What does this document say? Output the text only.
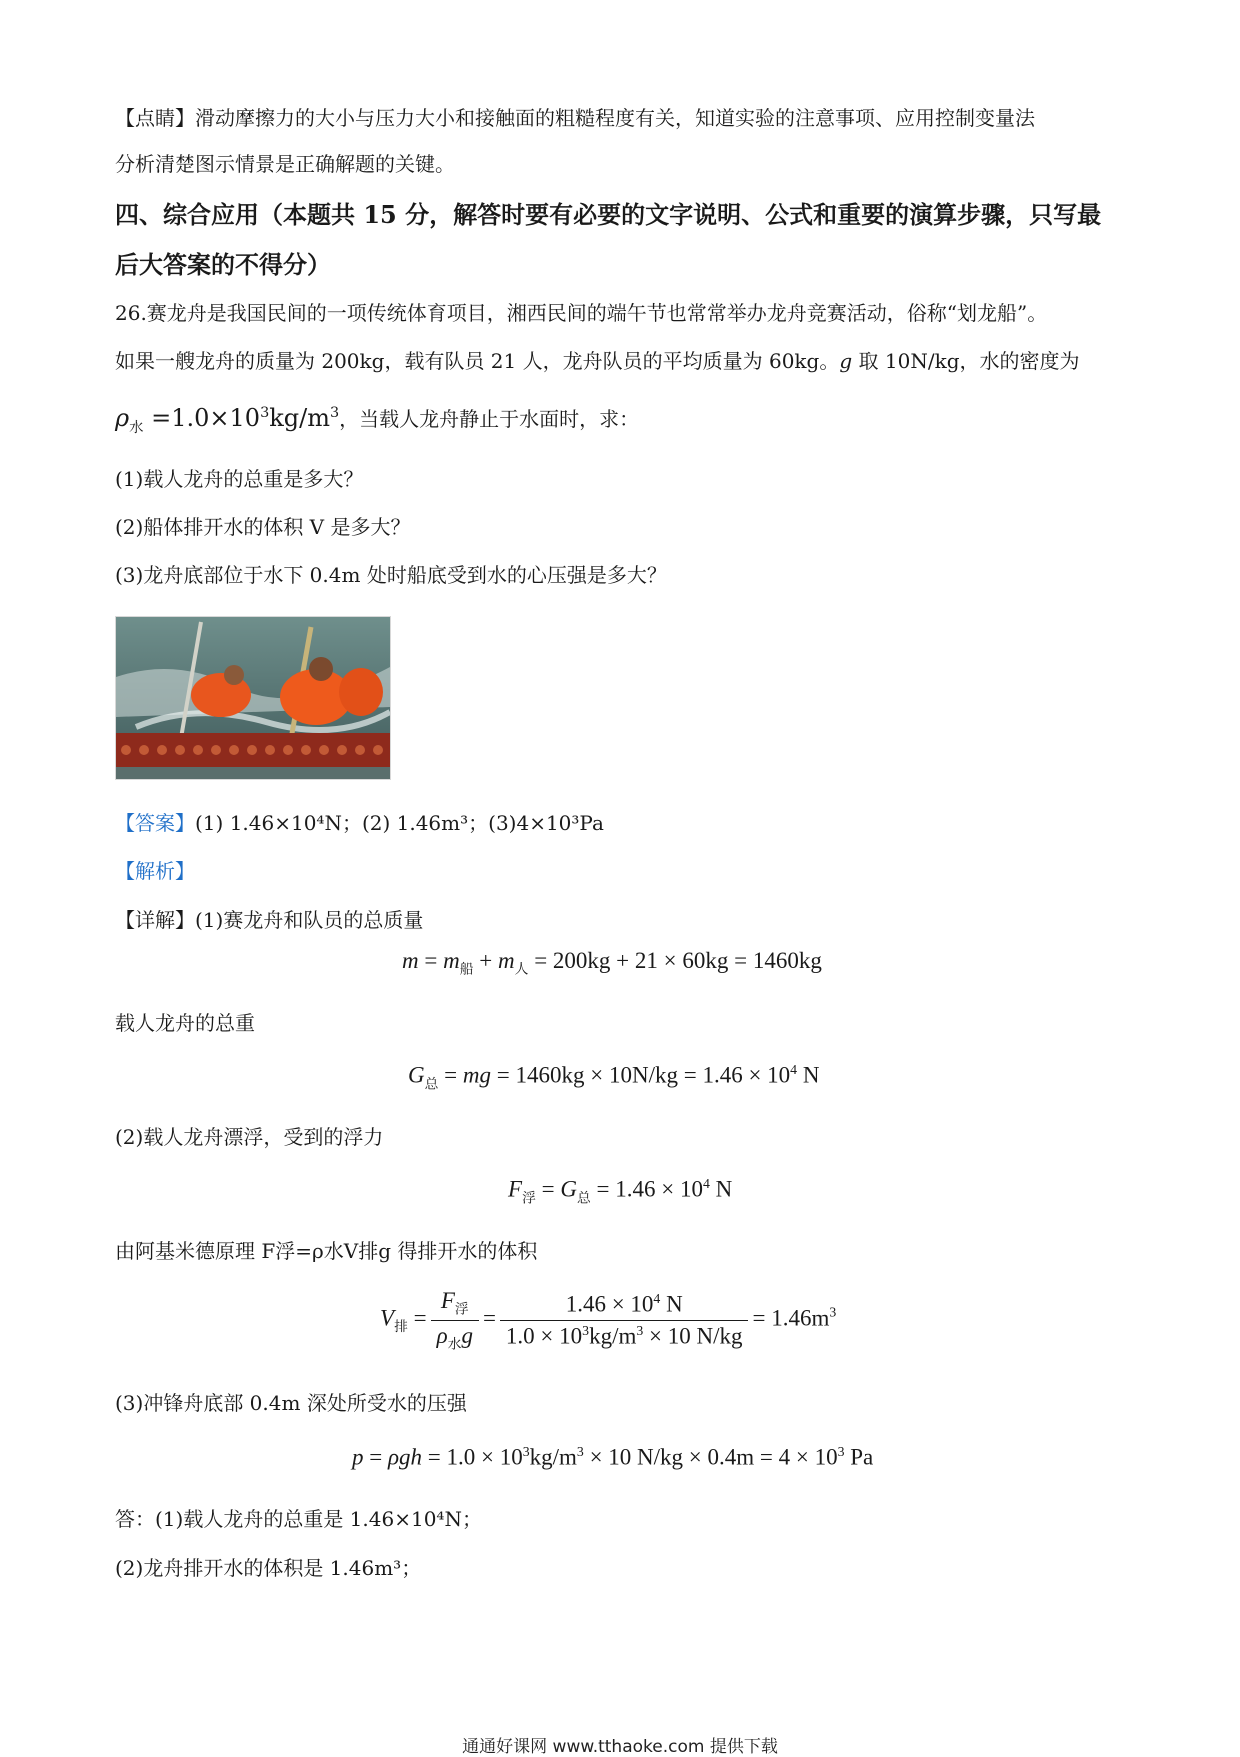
【点睛】滑动摩擦力的大小与压力大小和接触面的粗糙程度有关，知道实验的注意事项、应用控制变量法
分析清楚图示情景是正确解题的关键。
四、综合应用（本题共 15 分，解答时要有必要的文字说明、公式和重要的演算步骤，只写最
后大答案的不得分）
26.赛龙舟是我国民间的一项传统体育项目，湘西民间的端午节也常常举办龙舟竞赛活动，俗称“划龙船”。
如果一艘龙舟的质量为 200kg，载有队员 21 人，龙舟队员的平均质量为 60kg。g 取 10N/kg，水的密度为
$\rho_水 =1.0\times 10^3kg/m^3$，当载人龙舟静止于水面时，求：
(1)载人龙舟的总重是多大？
(2)船体排开水的体积 V 是多大？
(3)龙舟底部位于水下 0.4m 处时船底受到水的心压强是多大？
【答案】(1) 1.46×10⁴N；(2) 1.46m³；(3)4×10³Pa
【解析】
【详解】(1)赛龙舟和队员的总质量
$m = m_船 + m_人 = 200kg + 21 \times 60kg = 1460kg$
载人龙舟的总重
$G_总$ = mg = $1460kg \times 10N/kg = 1.46 \times 10^4$ N
(2)载人龙舟漂浮，受到的浮力
$F_浮 = G_总 = 1.46 \times 10^4$ N
由阿基米德原理 F浮=ρ水V排g 得排开水的体积
$V_排 = \frac{F_浮}{\rho_水g} = \frac{1.46 \times 10^4 N}{1.0 \times 10^3kg/m^3 \times 10 N/kg} = 1.46m^3$
(3)冲锋舟底部 0.4m 深处所受水的压强
$p = \rho gh = 1.0 \times 10^3kg/m^3 \times 10$ $N/kg \times 0.4m = 4 \times 10^3$ Pa
答：(1)载人龙舟的总重是 1.46×10⁴N；
(2)龙舟排开水的体积是 1.46m³；
通通好课网 www.tthaoke.com 提供下载
